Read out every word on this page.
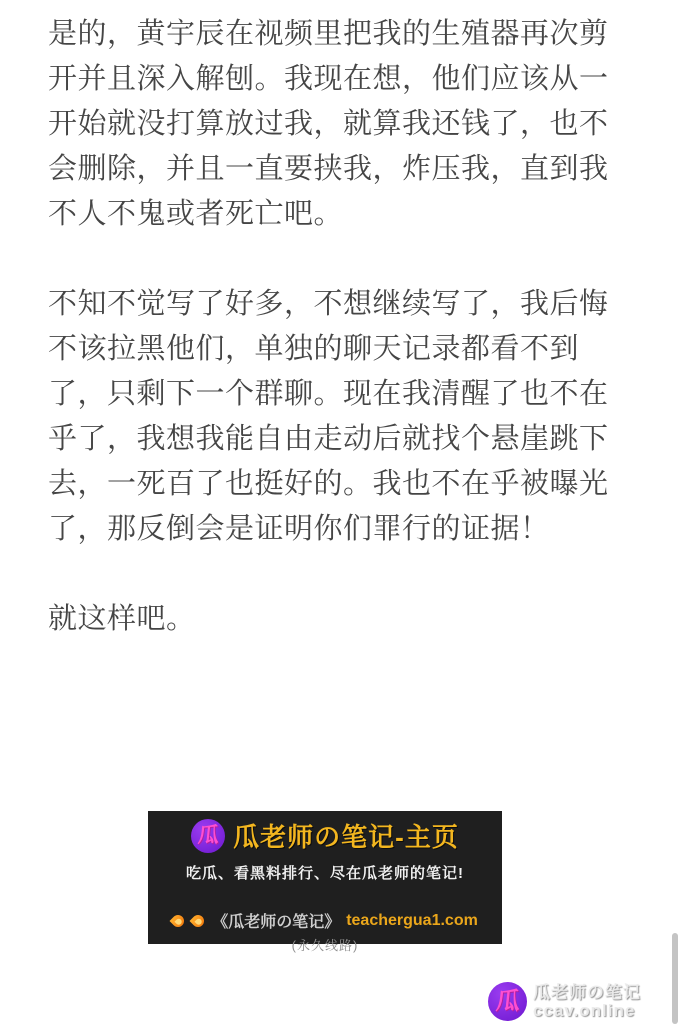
是的，黄宇辰在视频里把我的生殖器再次剪
开并且深入解刨。我现在想，他们应该从一
开始就没打算放过我，就算我还钱了，也不
会删除，并且一直要挟我，炸压我，直到我
不人不鬼或者死亡吧。
不知不觉写了好多，不想继续写了，我后悔
不该拉黑他们，单独的聊天记录都看不到
了，只剩下一个群聊。现在我清醒了也不在
乎了，我想我能自由走动后就找个悬崖跳下
去，一死百了也挺好的。我也不在乎被曝光
了，那反倒会是证明你们罪行的证据！
就这样吧。
瓜 瓜老师の笔记-主页
吃瓜、看黑料排行、尽在瓜老师的笔记!
《瓜老师の笔记》 teachergua1.com
(永久线路)
瓜 瓜老师の笔记
ccav.online
